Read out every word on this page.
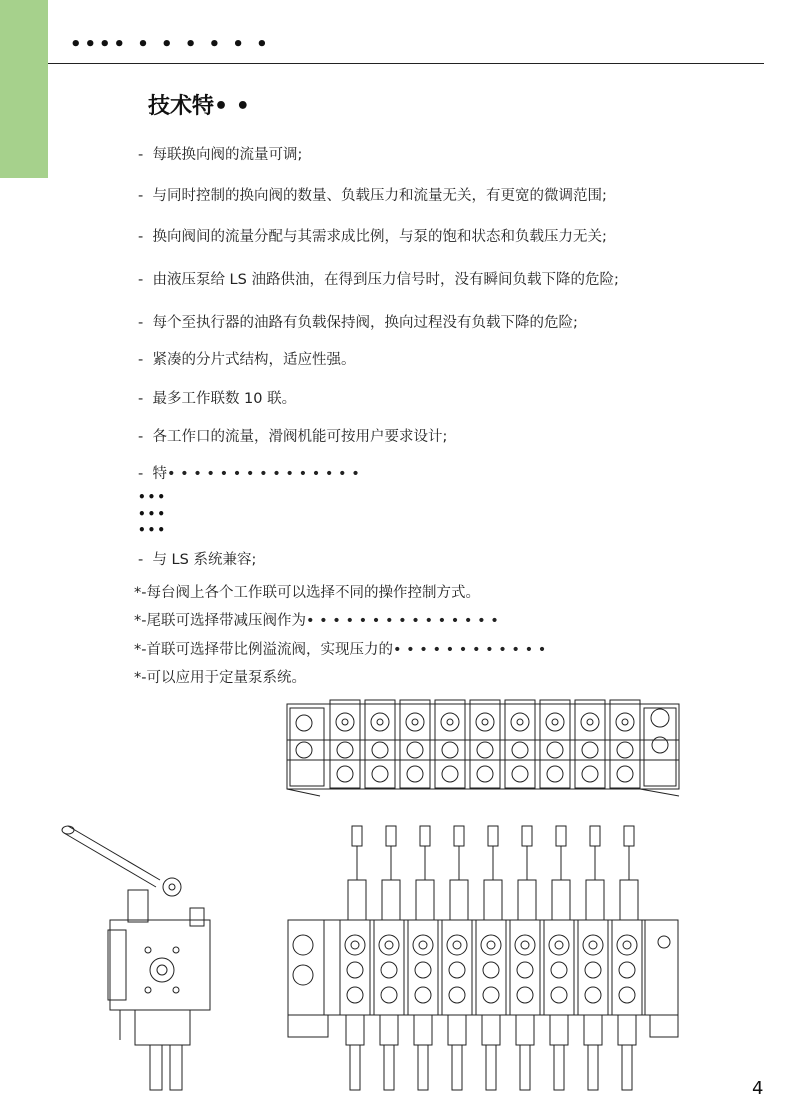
•••• • • • • • •
技术特• •
-  每联换向阀的流量可调;
-  与同时控制的换向阀的数量、负载压力和流量无关，有更宽的微调范围;
-  换向阀间的流量分配与其需求成比例，与泵的饱和状态和负载压力无关;
-  由液压泵给 LS 油路供油，在得到压力信号时，没有瞬间负载下降的危险;
-  每个至执行器的油路有负载保持阀，换向过程没有负载下降的危险;
-  紧凑的分片式结构，适应性强。
-  最多工作联数 10 联。
-  各工作口的流量，滑阀机能可按用户要求设计;
-  特• • • • • • • • • • • • • • •
•••
•••
•••
-  与 LS 系统兼容;
*-每台阀上各个工作联可以选择不同的操作控制方式。
*-尾联可选择带减压阀作为• • • • • • • • • • • • • • •
*-首联可选择带比例溢流阀，实现压力的• • • • • • • • • • • •
*-可以应用于定量泵系统。
4
